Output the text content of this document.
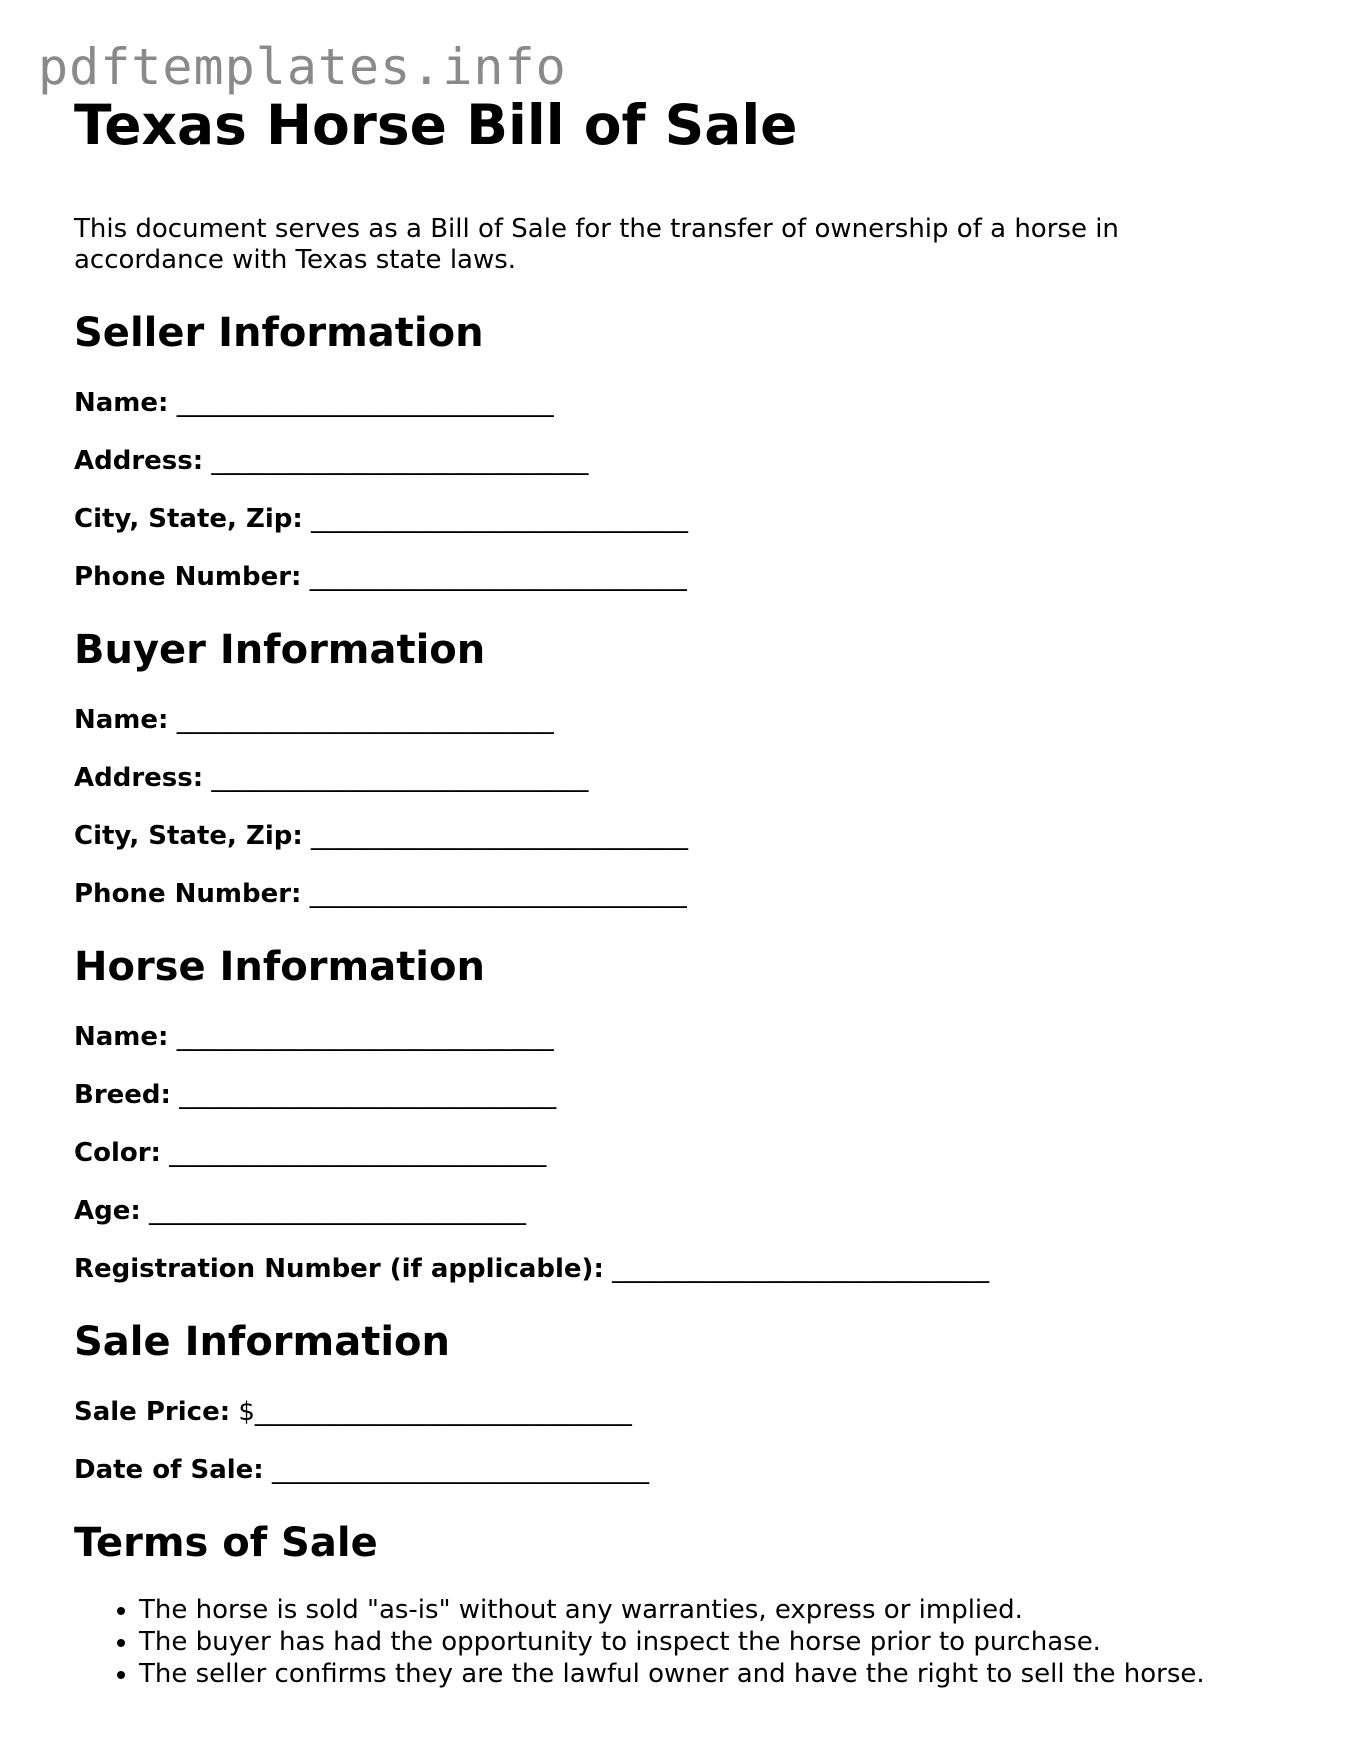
pdftemplates.info
Texas Horse Bill of Sale

This document serves as a Bill of Sale for the transfer of ownership of a horse in accordance with Texas state laws.

Seller Information

Name: _____________________________

Address: _____________________________

City, State, Zip: _____________________________

Phone Number: _____________________________

Buyer Information

Name: _____________________________

Address: _____________________________

City, State, Zip: _____________________________

Phone Number: _____________________________

Horse Information

Name: _____________________________

Breed: _____________________________

Color: _____________________________

Age: _____________________________

Registration Number (if applicable): _____________________________

Sale Information

Sale Price: $_____________________________

Date of Sale: _____________________________

Terms of Sale
• The horse is sold "as-is" without any warranties, express or implied.
• The buyer has had the opportunity to inspect the horse prior to purchase.
• The seller confirms they are the lawful owner and have the right to sell the horse.
